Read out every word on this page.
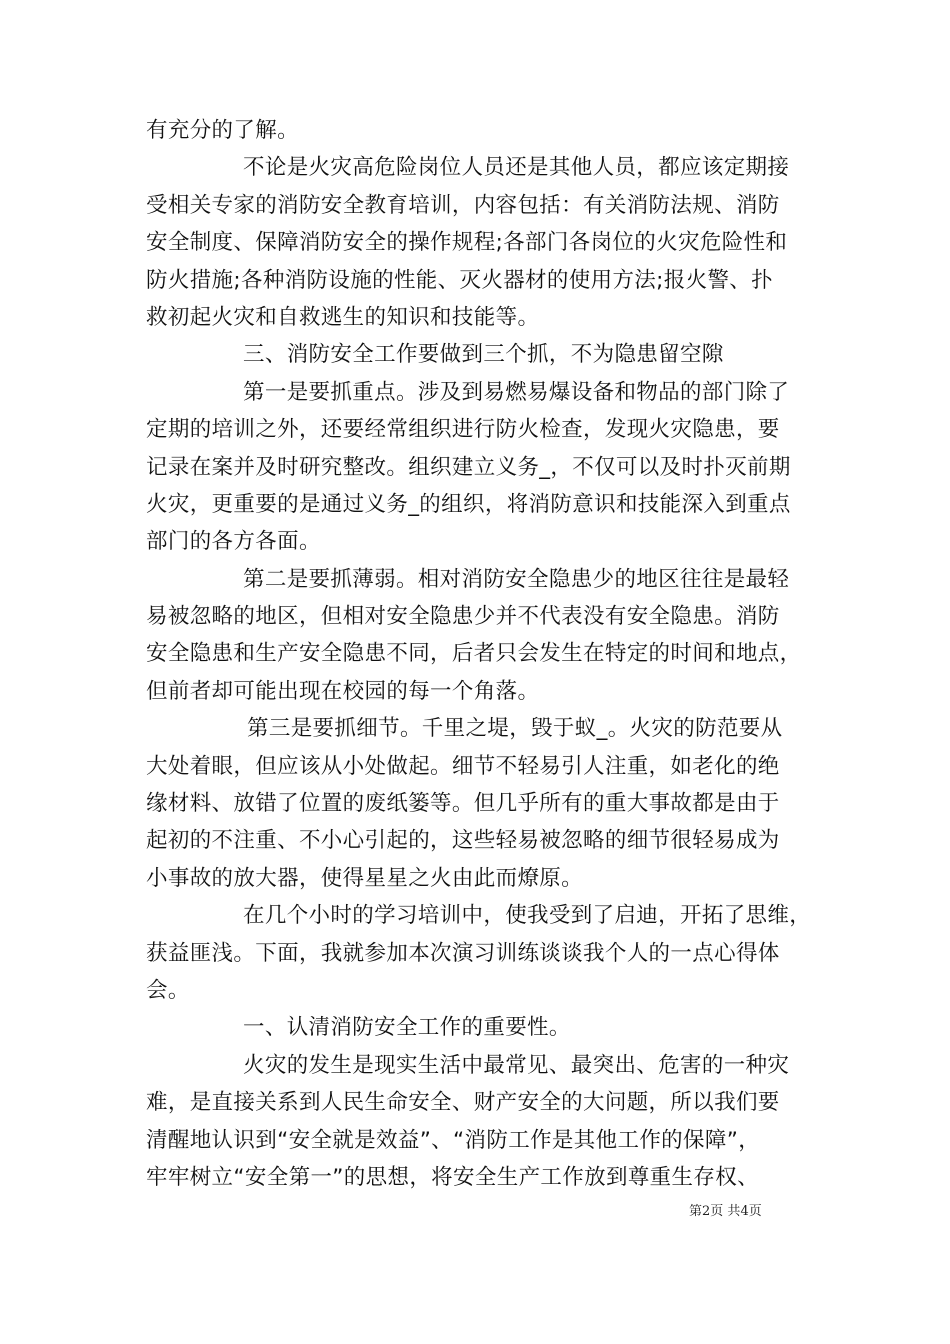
有充分的了解。

不论是火灾高危险岗位人员还是其他人员，都应该定期接

受相关专家的消防安全教育培训，内容包括：有关消防法规、消防

安全制度、保障消防安全的操作规程;各部门各岗位的火灾危险性和

防火措施;各种消防设施的性能、灭火器材的使用方法;报火警、扑

救初起火灾和自救逃生的知识和技能等。

三、消防安全工作要做到三个抓，不为隐患留空隙

第一是要抓重点。涉及到易燃易爆设备和物品的部门除了

定期的培训之外，还要经常组织进行防火检查，发现火灾隐患，要

记录在案并及时研究整改。组织建立义务_，不仅可以及时扑灭前期

火灾，更重要的是通过义务_的组织，将消防意识和技能深入到重点

部门的各方各面。

第二是要抓薄弱。相对消防安全隐患少的地区往往是最轻

易被忽略的地区，但相对安全隐患少并不代表没有安全隐患。消防

安全隐患和生产安全隐患不同，后者只会发生在特定的时间和地点，

但前者却可能出现在校园的每一个角落。

第三是要抓细节。千里之堤，毁于蚁_。火灾的防范要从

大处着眼，但应该从小处做起。细节不轻易引人注重，如老化的绝

缘材料、放错了位置的废纸篓等。但几乎所有的重大事故都是由于

起初的不注重、不小心引起的，这些轻易被忽略的细节很轻易成为

小事故的放大器，使得星星之火由此而燎原。

在几个小时的学习培训中，使我受到了启迪，开拓了思维，

获益匪浅。下面，我就参加本次演习训练谈谈我个人的一点心得体

会。

一、认清消防安全工作的重要性。

火灾的发生是现实生活中最常见、最突出、危害的一种灾

难，是直接关系到人民生命安全、财产安全的大问题，所以我们要

清醒地认识到“安全就是效益”、“消防工作是其他工作的保障”，

牢牢树立“安全第一”的思想，将安全生产工作放到尊重生存权、

第2页 共4页
